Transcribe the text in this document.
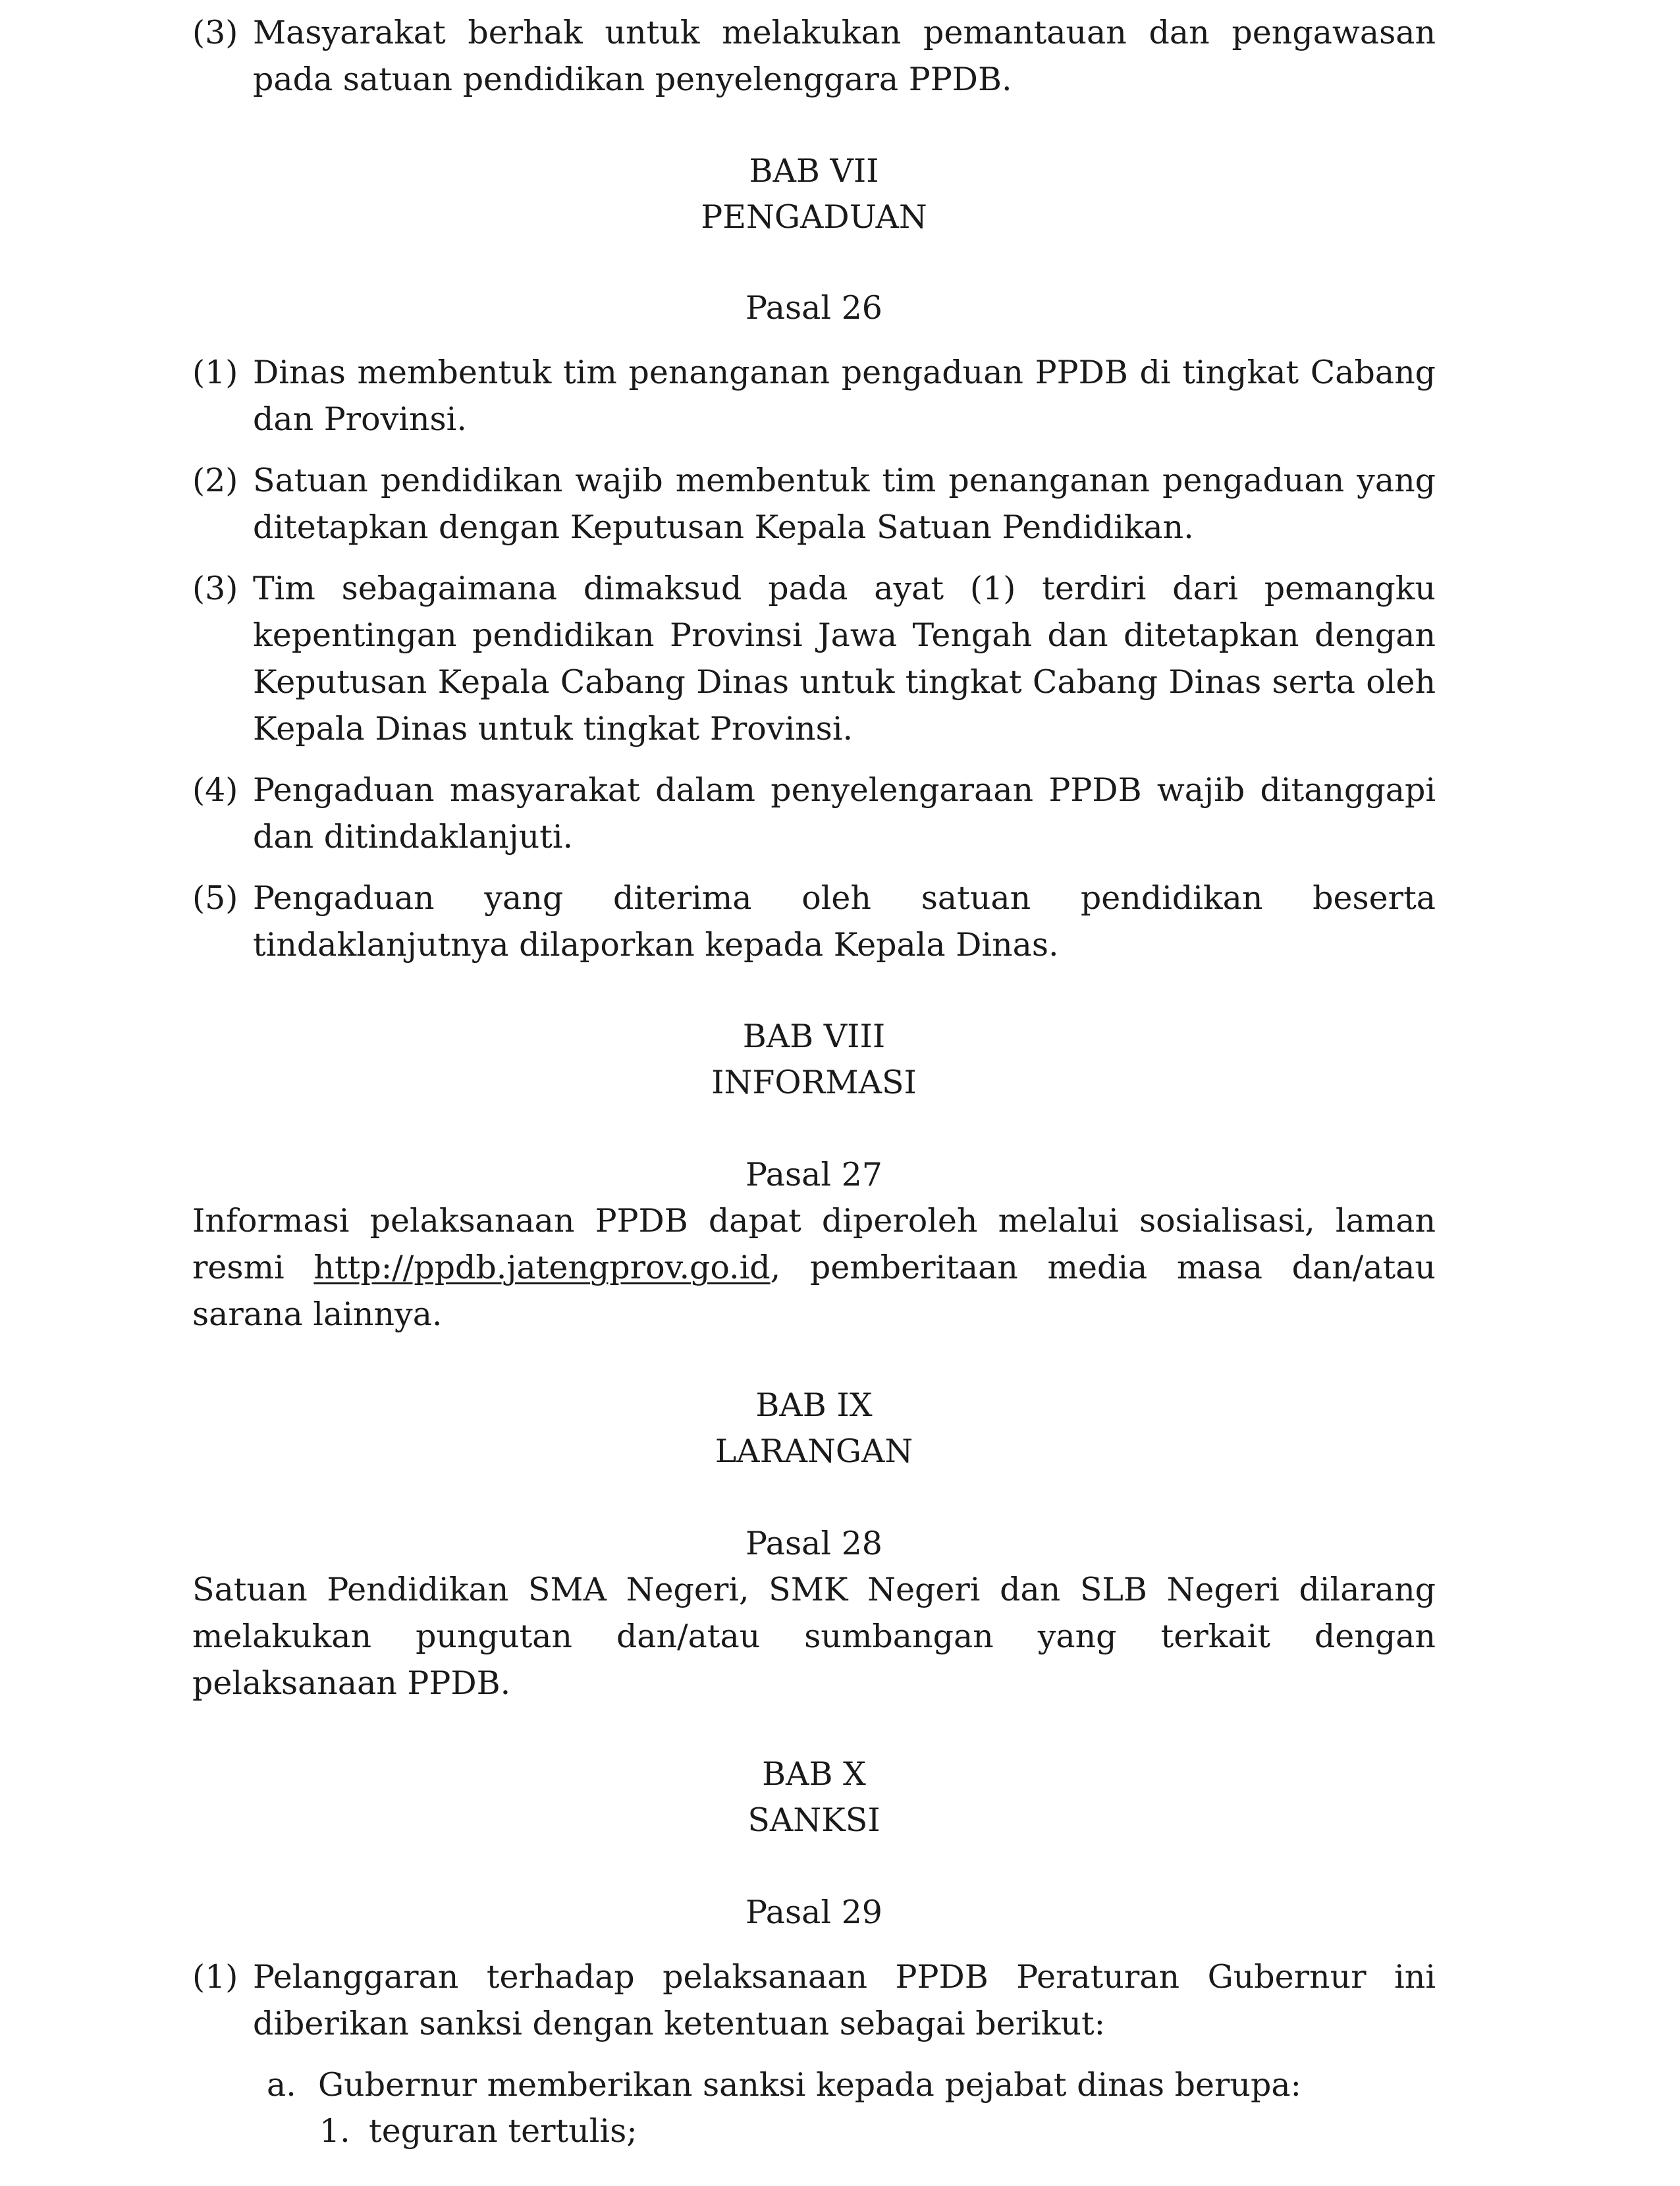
(3) Masyarakat berhak untuk melakukan pemantauan dan pengawasan pada satuan pendidikan penyelenggara PPDB.
BAB VII
PENGADUAN
Pasal 26
(1) Dinas membentuk tim penanganan pengaduan PPDB di tingkat Cabang dan Provinsi.
(2) Satuan pendidikan wajib membentuk tim penanganan pengaduan yang ditetapkan dengan Keputusan Kepala Satuan Pendidikan.
(3) Tim sebagaimana dimaksud pada ayat (1) terdiri dari pemangku kepentingan pendidikan Provinsi Jawa Tengah dan ditetapkan dengan Keputusan Kepala Cabang Dinas untuk tingkat Cabang Dinas serta oleh Kepala Dinas untuk tingkat Provinsi.
(4) Pengaduan masyarakat dalam penyelengaraan PPDB wajib ditanggapi dan ditindaklanjuti.
(5) Pengaduan yang diterima oleh satuan pendidikan beserta
tindaklanjutnya dilaporkan kepada Kepala Dinas.
BAB VIII
INFORMASI
Pasal 27
Informasi pelaksanaan PPDB dapat diperoleh melalui sosialisasi, laman resmi http://ppdb.jatengprov.go.id, pemberitaan media masa dan/atau sarana lainnya.
BAB IX
LARANGAN
Pasal 28
Satuan Pendidikan SMA Negeri, SMK Negeri dan SLB Negeri dilarang melakukan pungutan dan/atau sumbangan yang terkait dengan pelaksanaan PPDB.
BAB X
SANKSI
Pasal 29
(1) Pelanggaran terhadap pelaksanaan PPDB Peraturan Gubernur ini diberikan sanksi dengan ketentuan sebagai berikut:
a. Gubernur memberikan sanksi kepada pejabat dinas berupa:
1. teguran tertulis;
